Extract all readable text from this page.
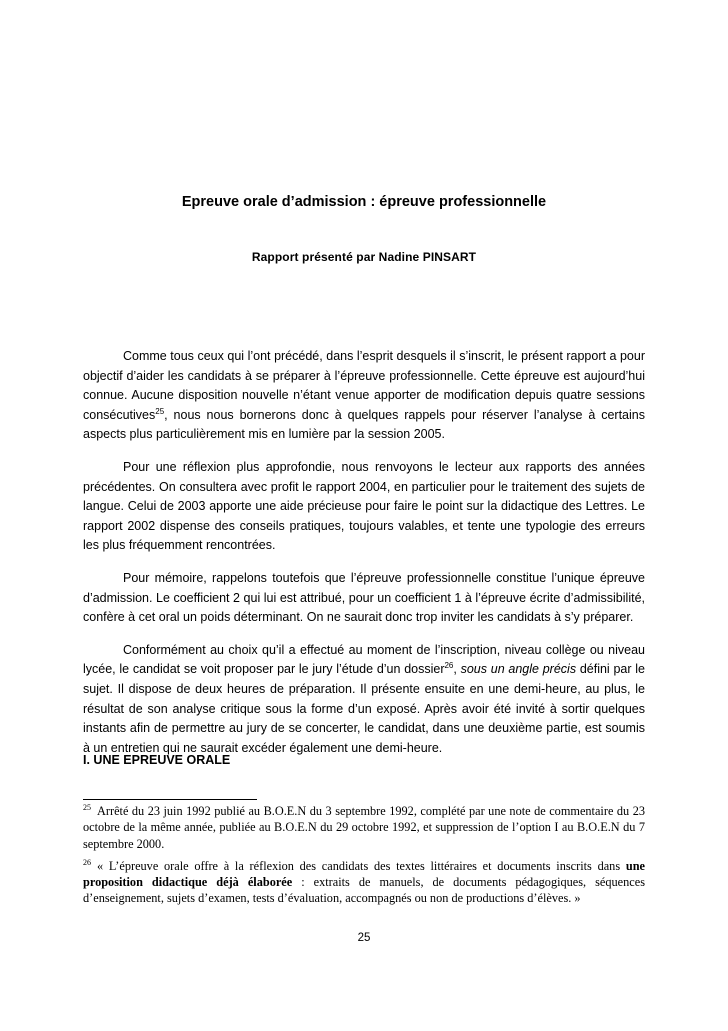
Epreuve orale d’admission : épreuve professionnelle
Rapport présenté par Nadine PINSART

Comme tous ceux qui l’ont précédé, dans l’esprit desquels il s’inscrit, le présent rapport a pour objectif d’aider les candidats à se préparer à l’épreuve professionnelle. Cette épreuve est aujourd’hui connue. Aucune disposition nouvelle n’étant venue apporter de modification depuis quatre sessions consécutives$^{25}$, nous nous bornerons donc à quelques rappels pour réserver l’analyse à certains aspects plus particulièrement mis en lumière par la session 2005.

Pour une réflexion plus approfondie, nous renvoyons le lecteur aux rapports des années précédentes. On consultera avec profit le rapport 2004, en particulier pour le traitement des sujets de langue. Celui de 2003 apporte une aide précieuse pour faire le point sur la didactique des Lettres. Le rapport 2002 dispense des conseils pratiques, toujours valables, et tente une typologie des erreurs les plus fréquemment rencontrées.

Pour mémoire, rappelons toutefois que l’épreuve professionnelle constitue l’unique épreuve d’admission. Le coefficient 2 qui lui est attribué, pour un coefficient 1 à l’épreuve écrite d’admissibilité, confère à cet oral un poids déterminant. On ne saurait donc trop inviter les candidats à s’y préparer.

Conformément au choix qu’il a effectué au moment de l’inscription, niveau collège ou niveau lycée, le candidat se voit proposer par le jury l’étude d’un dossier$^{26}$, sous un angle précis défini par le sujet. Il dispose de deux heures de préparation. Il présente ensuite en une demi-heure, au plus, le résultat de son analyse critique sous la forme d’un exposé. Après avoir été invité à sortir quelques instants afin de permettre au jury de se concerter, le candidat, dans une deuxième partie, est soumis à un entretien qui ne saurait excéder également une demi-heure.

I. UNE EPREUVE ORALE

$^{25}$ Arrêté du 23 juin 1992 publié au B.O.E.N du 3 septembre 1992, complété par une note de commentaire du 23 octobre de la même année, publiée au B.O.E.N du 29 octobre 1992, et suppression de l’option I au B.O.E.N du 7 septembre 2000.

$^{26}$ « L’épreuve orale offre à la réflexion des candidats des textes littéraires et documents inscrits dans une proposition didactique déjà élaborée : extraits de manuels, de documents pédagogiques, séquences d’enseignement, sujets d’examen, tests d’évaluation, accompagnés ou non de productions d’élèves. »

25
